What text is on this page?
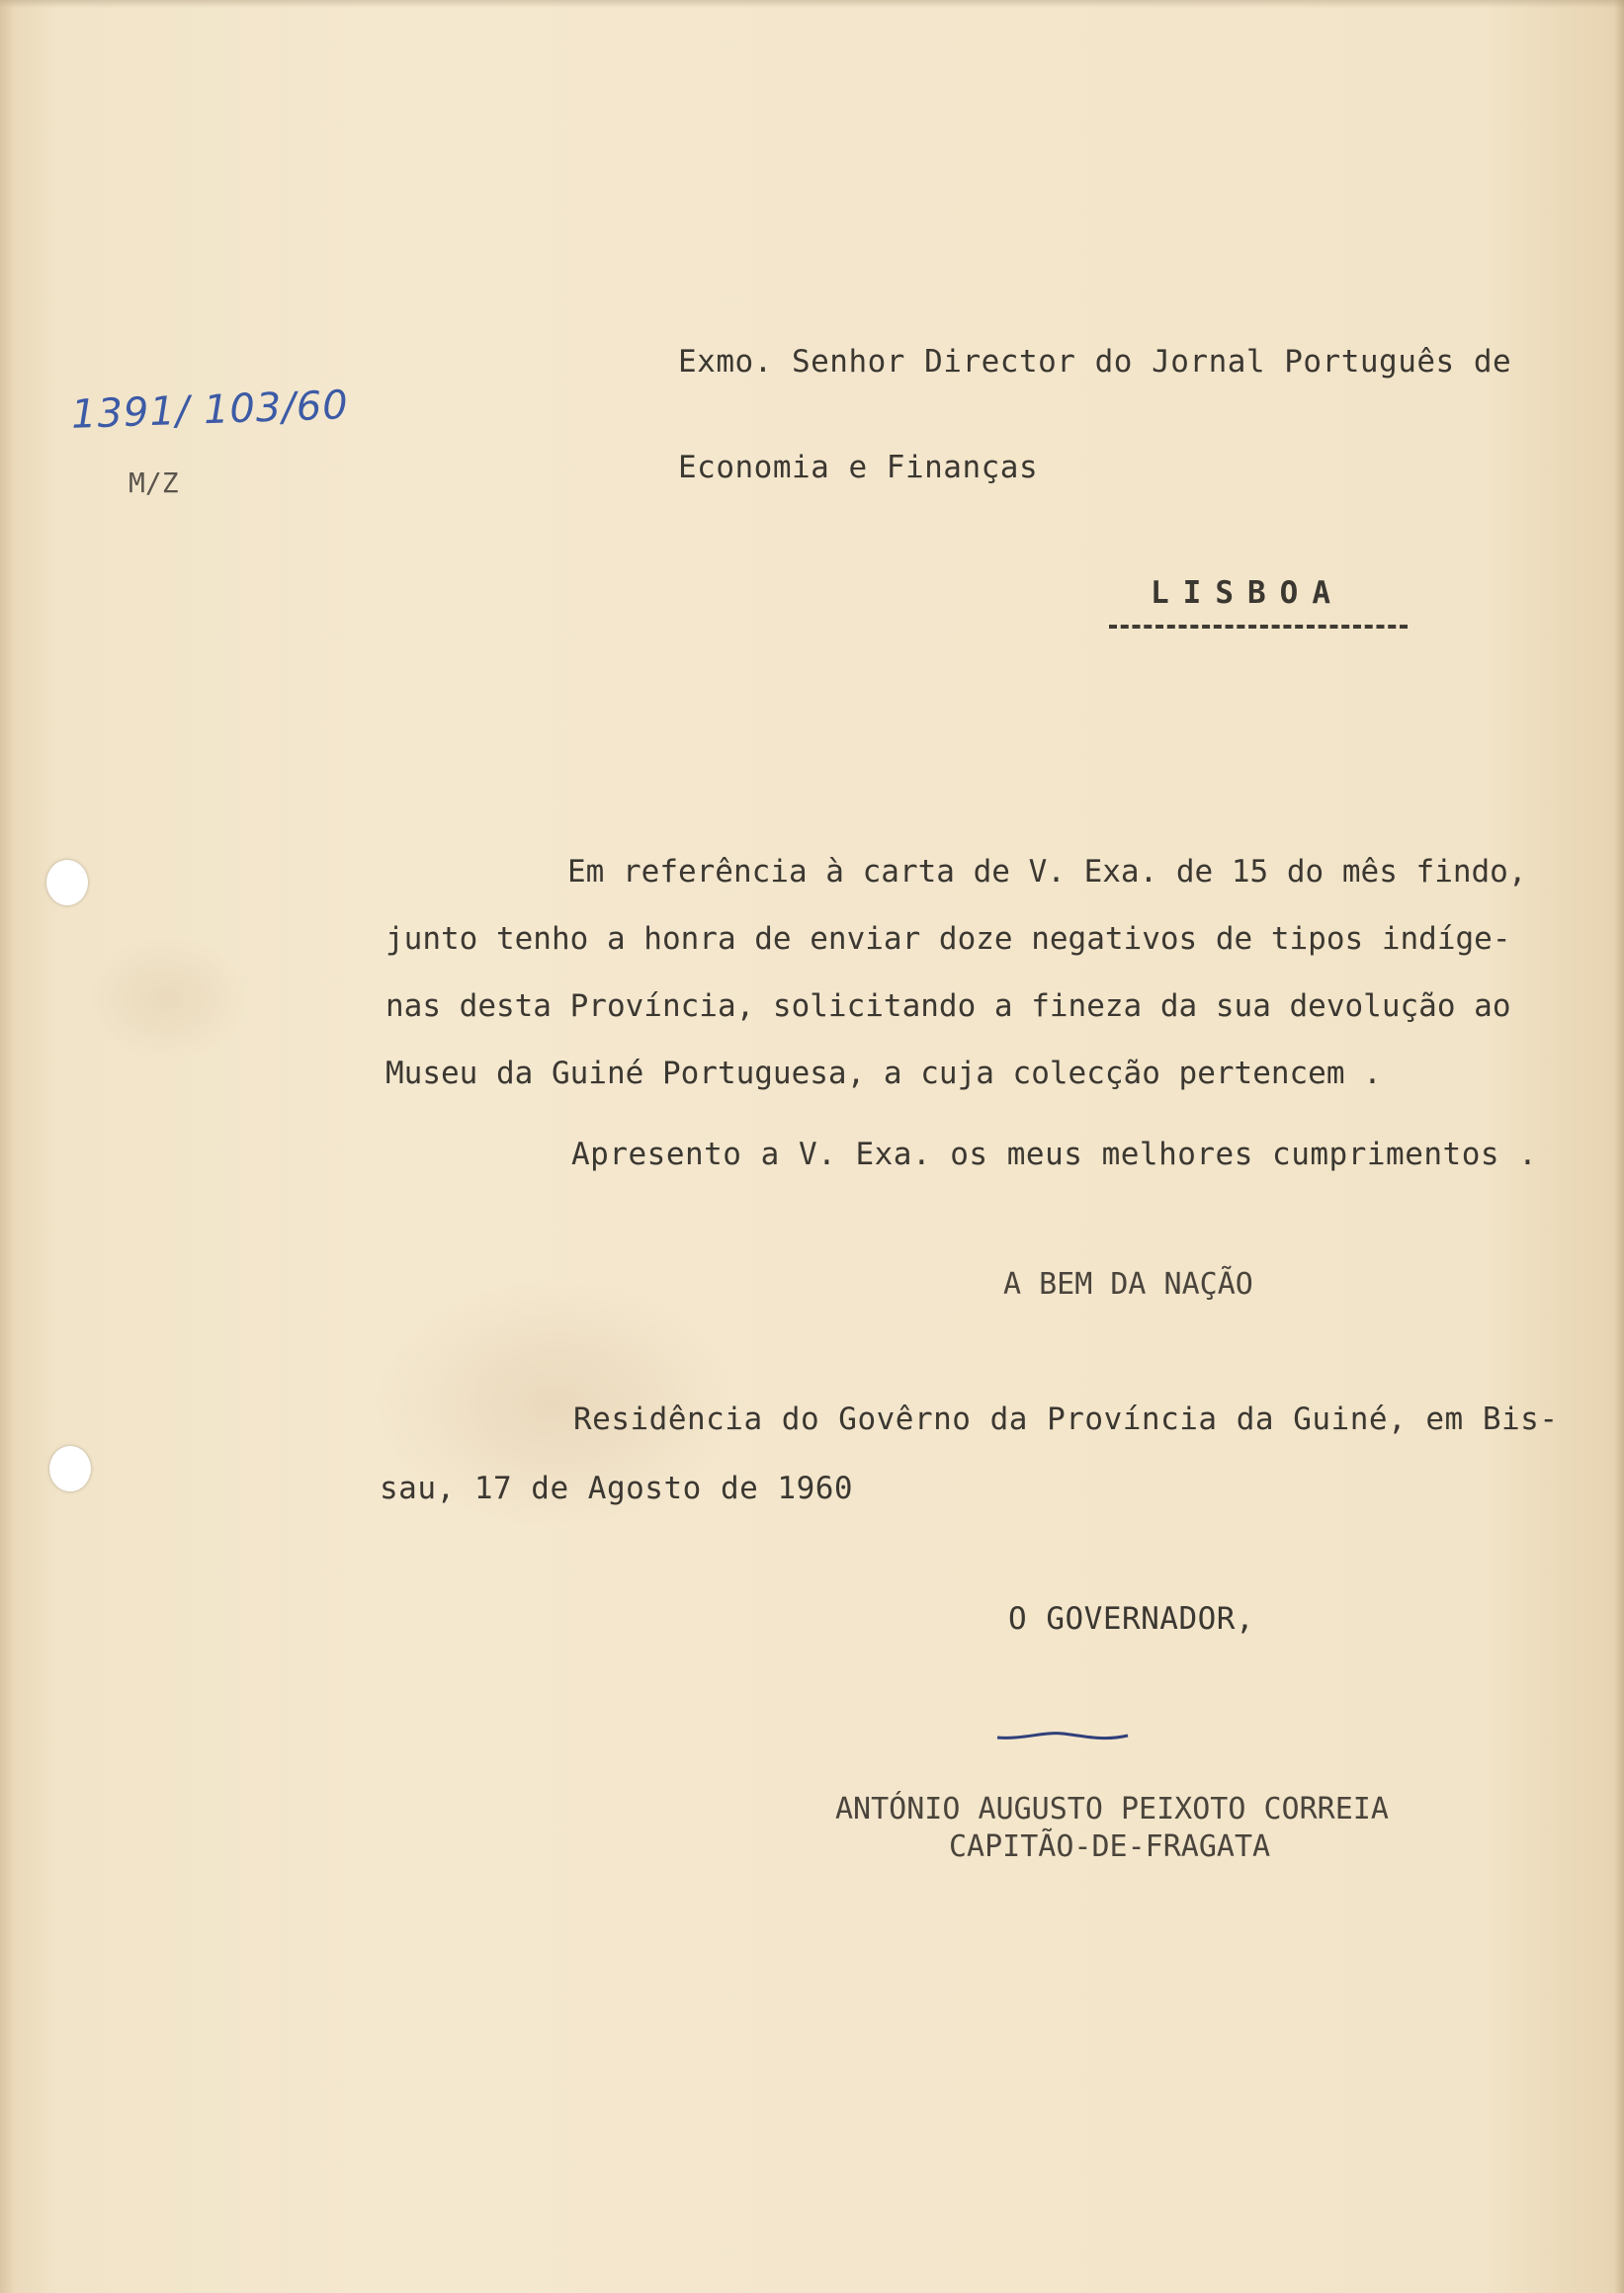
1391/ 103/60
M/Z
Exmo. Senhor Director do Jornal Português de
Economia e Finanças
LISBOA
Em referência à carta de V. Exa. de 15 do mês findo,
junto tenho a honra de enviar doze negativos de tipos indíge-
nas desta Província, solicitando a fineza da sua devolução ao
Museu da Guiné Portuguesa, a cuja colecção pertencem .
Apresento a V. Exa. os meus melhores cumprimentos .
A BEM DA NAÇÃO
Residência do Govêrno da Província da Guiné, em Bis-
sau, 17 de Agosto de 1960
O GOVERNADOR,
ANTÓNIO AUGUSTO PEIXOTO CORREIA
CAPITÃO-DE-FRAGATA
